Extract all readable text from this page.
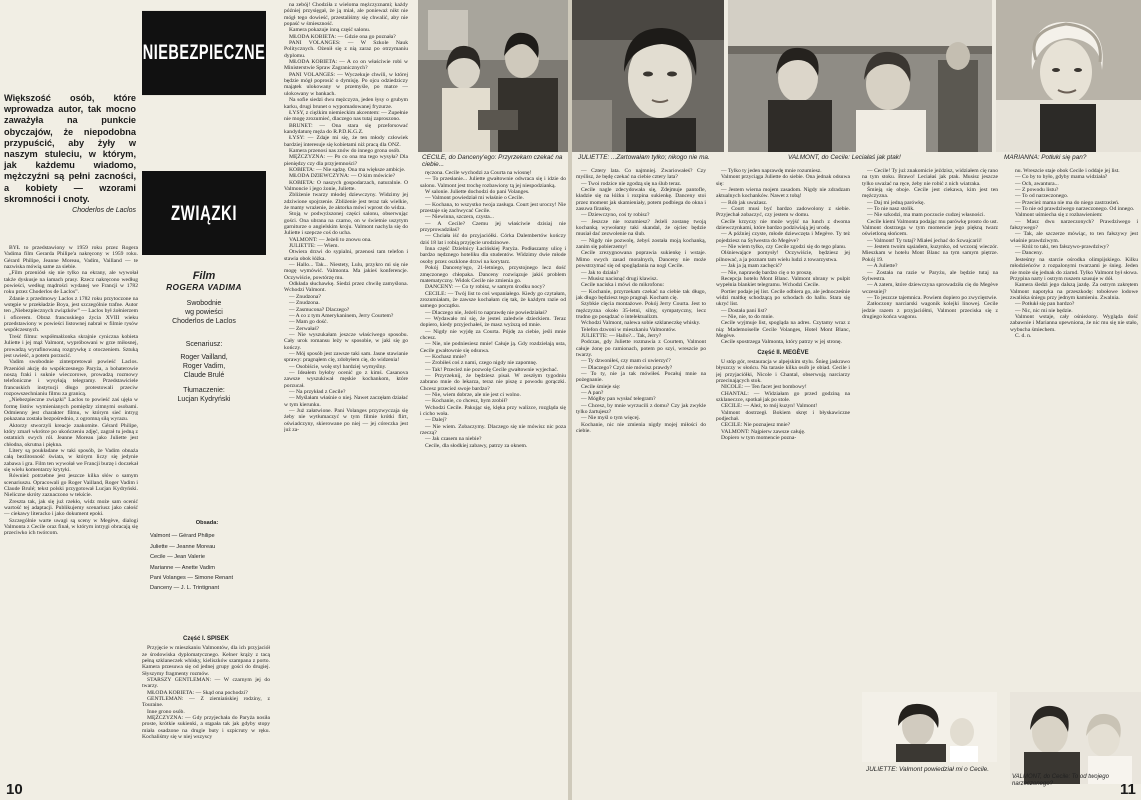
Większość osób, które wprowadza autor, tak mocno zaważyła na punkcie obyczajów, że niepodobna przypuścić, aby żyły w naszym stuleciu, w którym, jak każdemu wiadomo, mężczyźni są pełni zacności, a kobiety — wzorami skromności i cnoty.
Choderlos de Laclos

BYŁ to przedstawiony w 1959 roku przez Rogera Vadima film Gerarda Philipe'a nakręcony w 1959 roku. Gérard Philipe, Jeanne Moreau, Vadim, Vailland — te nazwiska mówią same za siebie.

„Film przeniósł się nie tylko na ekrany, ale wywołał także dyskusje na łamach prasy. Rzecz nakręcono według powieści, według mądrości wydanej we Francji w 1782 roku przez Choderlos de Laclos”.

Zdanie z przedmowy Laclos z 1782 roku przytoczone na wstępie w przekładzie Boya, jest szczególnie trafne. Autor ten „Niebezpiecznych związków” — Laclos był żołnierzem i oficerem. Obraz francuskiego życia XVIII wieku przedstawiony w powieści listownej nabrał w filmie rysów współczesnych.

Treść filmu: współmałżonka skrajnie cyniczna kobieta Juliette i jej mąż Valmont, wypróbowani w grze miłosnej, prowadzą wyrafinowaną rozgrywkę z otoczeniem. Sztuką jest uwieść, a potem porzucić.

Vadim swobodnie zinterpretował powieść Laclos. Przeniósł akcję do współczesnego Paryża, a bohaterowie noszą fraki i suknie wieczorowe, prowadzą rozmowy telefoniczne i wysyłają telegramy. Przedstawiciele francuskich instytucji długo protestowali przeciw rozpowszechnianiu filmu za granicą.

„Niebezpieczne związki” Laclos to powieść zaś ujęła w formę listów wymienianych pomiędzy zimnymi osobami. Odmienny jest charakter filmu, w którym sieć intryg pokazana została bezpośrednio, z ogromną siłą wyrazu.

Aktorzy stworzyli kreacje znakomite. Gérard Philipe, który zmarł wkrótce po ukończeniu zdjęć, zagrał tu jedną z ostatnich swych ról. Jeanne Moreau jako Juliette jest chłodna, okrutna i piękna.

Litery są poukładane w taki sposób, że Vadim obnaża całą bezlitosność świata, w którym liczy się jedynie zabawa i gra. Film ten wywołał we Francji burzę i doczekał się wielu komentarzy krytyki.

Również potrzebne jest jeszcze kilka słów o samym scenariuszu. Opracowali go Roger Vailland, Roger Vadim i Claude Brulé; tekst polski przygotował Lucjan Kydryński. Nieliczne skróty zaznaczono w tekście.

Zreszta tak, jak się już rzekło, widz może sam ocenić wartość tej adaptacji. Publikujemy scenariusz jako całość — ciekawy literacko i jako dokument epoki.

Szczególnie warte uwagi są sceny w Megève, dialogi Valmonta z Cecile oraz finał, w którym intrygi obracają się przeciwko ich twórcom.

NIEBEZPIECZNE
ZWIĄZKI
Film
ROGERA VADIMA
Swobodnie
wg powieści
Choderlos de Laclos
Scenariusz:
Roger Vailland,
Roger Vadim,
Claude Brulé
Tłumaczenie:
Lucjan Kydryński
Obsada:
Valmont — Gérard Philipe
Juliette — Jeanne Moreau
Cecile — Jean Valerie
Marianne — Anette Vadim
Pani Volanges — Simone Renant
Danceny — J. L. Trintignant
Część I. SPISEK

Przyjęcie w mieszkaniu Valmontów, dla ich przyjaciół ze środowiska dyplomatycznego. Kelner krąży z tacą pełną szklaneczek whisky, kieliszków szampana z porto. Kamera przesuwa się od jednej grupy gości do drugiej. Słyszymy fragmenty rozmów.

STARSZY GENTLEMAN: — W czarnym jej do twarzy.

MŁODA KOBIETA: — Skąd ona pochodzi?

GENTLEMAN: — Z ziemiańskiej rodziny, z Touraine.

Inne grono osób.

MĘŻCZYZNA: — Gdy przyjechała do Paryża nosiła proste, krótkie sukienki, a stąpała tak jak gdyby stopy miała osadzone na drugie buty i szpicruty w ręku. Kochaliśmy się w niej wszyscy

na zebój! Chodziła z wieloma mężczyznami; każdy później przysięgał, że ją miał, ale ponieważ nikt nie mógł tego dowieść, przestaliśmy się chwalić, aby nie popaść w śmieszność.

Kamera pokazuje inną część salonu.

MŁODA KOBIETA: — Gdzie ona go poznała?

PANI VOLANGES: — W Szkole Nauk Politycznych. Ożenił się z nią zaraz po otrzymaniu dyplomu.

MŁODA KOBIETA: — A co on właściwie robi w Ministerstwie Spraw Zagranicznych?

PANI VOLANGES: — Wyczekuje chwili, w której będzie mógł poprosić o dymisję. Po ojcu odziedziczy majątek ulokowany w przemyśle, po matce — ulokowany w bankach.

Na sofie siedzi dwu mężczyzn, jeden łysy o grubym karku, drugi brunet o wypomadowanej fryzurze.

ŁYSY, z ciężkim niemieckim akcentem: — Zupełnie nie mogę zrozumieć, dlaczego nas tutaj zaproszono.

BRUNET: — Ona stara się przeforsować kandydaturę męża do R.P.D.K.G.Z.

ŁYSY: — Zdaje mi się, że ten młody człowiek bardziej interesuje się kobietami niż pracą dla ONZ.

Kamera przenosi nas znów do innego grona osób.

MĘŻCZYZNA: — Po co ona ma tego wysyła? Dla pieniędzy czy dla przyjemności?

KOBIETA: — Nie sądzę. Ona ma większe ambicje.

MŁODA DZIEWCZYNA: — O kim mówicie?

KOBIETA: O naszych gospodarzach, naturalnie. O Valmoncie i jego żonie, Juliette.

Zbliżenie twarzy młodej dziewczyny. Widzimy jej zdziwione spojrzenie. Zbliżenie jest teraz tak wielkie, że mamy wrażenie, że aktorka mówi wprost do widza.

Stoją w podwyższonej części salonu, obserwując gości. Ona ubrana na czarno, on w świetnie uszytym garniturze o angielskim kroju. Valmont nachyla się do Juliette i szepcze coś do ucha.

VALMONT: — Jeżeli to znowu ona.

JULIETTE: — Wiem.

Otwiera drzwi do sypialni, przenosi tam telefon i stawia obok łóżka.

— Hallo... Tak... Niestety, Lulu, przykro mi się nie mogę wymówić. Valmonta. Ma jakieś konferencje. Oczywiście, powtórzę mu.

Odkłada słuchawkę. Siedzi przez chwilę zamyślona. Wchodzi Valmont.

— Znudzona?

— Znudzona.

— Zasmucona? Dlaczego?

— A co z tym Amerykaninem, Jerry Courtem?

— Mam go dość.

— Zerwałaś?

— Nie wyszukałam jeszcze właściwego sposobu. Cały urok romansu leży w sposobie, w jaki się go kończy.

— Mój sposób jest zawsze taki sam. Jasne stawianie sprawy: pragnąłem cię, zdobyłem cię, do widzenia!

— Osobiście, wolę styl bardziej wymyślny.

— Ideałem byłoby ocenić go z kimś. Casanova zawsze wyszukiwał męskie kochankom, które porzucał.

— Na przykład z Cecile?

— Myślałam właśnie o niej. Nawet zaczęłam działać w tym kierunku.

— Już załatwione. Pani Volanges przyzwyczaja się żeby nie wytłumaczyć w tym filmie krótki flirt, oświadczyny, skierowane po niej — jej córeczka jest już za-

ręczona. Cecile wychodzi za Courta na wiosnę!

— To przesłanie... Juliette gwałtownie odwraca się i idzie do salonu. Valmont jest trochę rozbawiony tą jej niespodzianką.

W salonie. Juliette dochodzi do pani Volanges.

— Valmont powiedział mi właśnie o Cecile.

— Kochana, to wszystko twoja zasługa. Court jest uroczy! Nie przestaje się zachwycać Cecile.

— Niewinna, szczera, czysta...

— A Cecile? Czemu jej właściwie dzisiaj nie przyprowadziłaś?

— Chciała iść do przyjaciółki. Córka Dalembertów kończy dziś 18 lat i robią przyjęcie urodzinowe.

Inna część Dzielnicy Łacińskiej Paryża. Podłaszamy ulicę i bardzo nędznego hoteliku dla studentów. Widzimy dwie młode osoby przez oszklone drzwi na korytarz.

Pokój Danceny'ego, 21-letniego, przystojnego lecz dość zmęczonego chłopaka. Danceny rozwiązuje jakiś problem matematyczny. Widok Cecile nie zmienia go.

DANCENY: — Co ty robisz, w samym środku nocy?

CECILE: — Twój list to coś wspaniałego. Kiedy go czytałam, zrozumiałam, że zawsze kochałam cię tak, że każdym razie od samego początku.

— Dlaczego nie, Jeżeli to naprawdę nie powiedziałaś?

— Wydawało mi się, że jesteś zaledwie dzieckiem. Teraz dopiero, kiedy przyjechałeś, że masz wyższą od mnie.

— Nigdy nie wyjdę za Courta. Pójdę za ciebie, jeśli mnie chcesz.

— Nie, nie podniesiesz mnie! Całuje ją. Gdy rozdzielają usta, Cecile gwałtownie się odsuwa.

— Kochasz mnie?

— Zrobiłeś coś z nami, czego nigdy nie zapomnę.

— Tak! Przecież nie pozwolę Cecile gwałtownie wyjechać.

— Przyrzeknij, że będziesz pisał. W zeszłym tygodniu zabrano mnie do lekarza, teraz nie piszę z powodu gorączki. Chcesz przecież swoje bardzo?

— Nie, wiem dobrze, ale nie jest ci wolno.

— Kochanie, co chcesz, bym zrobił?

Wchodzi Cecile. Pakując się, klęka przy walizce, rozgląda się i cicho woła.

— Dalej?

— Nie wiem. Zobaczymy. Dlaczego się nie mówisz nic poza rzeczą?

— Jak czasem na niebie?

Cecile, dla słodkiej zabawy, patrzy za oknem.

CECILE, do Danceny'ego: Przyrzekam czekać na ciebie...
10
JULIETTE: ...Zartowałam tylko; nikogo nie ma.	VALMONT, do Cecile: Leciałaś jak ptak!	MARIANNA: Potłuki się pan?

— Cztery lata. Co najmniej. Zwariowałeś? Czy myślisz, że będę czekać na ciebie cztery lata?

— Twoi rodzice nie zgodzą się na ślub teraz.

Cecile nagle zdecydowała się, Zdejmuje pantofle, kładzie się na łóżku i rozpina sukienkę. Danceny stoi przez moment jak skamieniały, potem podbiega do okna i zasuwa firankę.

— Dziewczyno, coś ty robisz?

— Jeszcze nie rozumiesz? Jeżeli zostanę twoją kochanką wywołamy taki skandal, że ojciec będzie musiał dać zezwolenie na ślub.

— Nigdy nie pozwolę, żebyś została moją kochanką, zanim się pobierzemy!

Cecile zrezygnowana poprawia sukienkę i wstaje. Mimo swych zasad moralnych, Danceny nie może powstrzymać się od spoglądania na nogi Cecile.

— Jak to działa?

— Musisz nacisnąć drugi klawisz.

Cecile naciska i mówi do mikrofonu:

— Kochanie, przyrzekam czekać na ciebie tak długo, jak długo będziesz tego pragnął. Kocham cię.

Szybkie cięcia montażowe. Pokój Jerry Courta. Jest to mężczyzna około 35-letni, silny, sympatyczny, lecz trudno go posądzać o intelektualizm.

Wchodzi Valmont, nalewa sobie szklaneczkę whisky.

Telefon dzwoni w mieszkaniu Valmontów.

JULIETTE: — Hallo?... Tak, Jerry?

Podczas, gdy Juliette rozmawia z Courtem, Valmont całuje żonę po ramionach, potem po szyi, wreszcie po twarzy.

— Ty dzwoniłeś, czy mam ci uwierzyć?

— Dlaczego? Czyż nie mówisz prawdy?

— To ty, nie ja tak mówiłeś. Pocałuj mnie na pożegnanie.

Cecile śmieje się:

— A pan?

— Mógłby pan wysłać telegram?

— Chcesz, by mnie wyrzucili z domu? Czy jak zwykle tylko żartujesz?

— Nie myśl o tym więcej.

Kochanie, nic nie zmienia nigdy mojej miłości do ciebie.

— Tylko ty jeden naprawdę mnie rozumiesz.

Valmont przyciąga Juliette do siebie. Ona jednak odsuwa się:

— Jestem wierna mojem zasadom. Nigdy nie zdradzam aktualnych kochanków. Nawet z tobą!

— Rób jak uważasz.

— Court musi być bardzo zadowolony z siebie. Przyjechał zobaczyć, czy jestem w domu.

Cecile krzyczy nie może wyjść na lunch z dwoma dziewczynkami, które bardzo podziwiają jej urodę.

— A później czyste, młode dziewczęta i Megève. Ty też pojedziesz na Sylwestra do Megève?

— Nie wiem tylko, czy Cecile zgodzi się do tego planu.

Olśniewające pomysły! Oczywiście, będziesz jej pilnować, a ja poznam tam wielu ludzi z towarzystwa.

— Jak ja ją mam zachęcić?

— Nie, naprawdę bardzo cię o to proszę.

Recepcja hotelu Mont Blanc. Valmont ubrany w pulpit wypełnia blankiet telegramu. Wchodzi Cecile.

Portier podaje jej list. Cecile odbiera go, ale jednocześnie widzi maltkę schodzącą po schodach do hallu. Stara się ukryć list.

— Dostała pani list?

— Nie, nie, to do mnie.

Cecile wyjmuje list, spogląda na adres. Czytamy wraz z nią: Mademoiselle Cecile Volanges, Hotel Mont Blanc, Megève.

Cecile spostrzega Valmonta, który patrzy w jej stronę.

Część II. MEGÈVE

U stóp gór, restauracja w alpejskim stylu. Śnieg jaskrawo błyszczy w słońcu. Na tarasie kilka osób je obiad. Cecile i jej przyjaciółki, Nicole i Chantal, obserwują narciarzy przecinających stok.

NICOLE: — Ten facet jest bombowy!

CHANTAL: — Widziałam go przed godziną na szklaneczce, spotkał jak po stole.

CECILE: — Ależ, to mój kuzyn! Valmont!

Valmont dostrzegł. Bokiem skręt i błyskawiczne podjechał.

CECILE: Nie poznajesz mnie?

VALMONT: Najpierw zawsze całuję.

Dopiero w tym momencie pozna-

— Cecile! Ty już znakomicie jeździsz, widziałem cię rano na tym stoku. Brawo! Leciałaś jak ptak. Musisz jeszcze tylko uważać na ręce, żeby nie robić z nich wiatraka.

Śmieją się oboje. Cecile jest ciekawa, kim jest ten mężczyzna.

— Daj mi jedną parówkę.

— To nie nasz stolik.

— Nie szkodzi, ma mam poczucie cudzej własności.

Cecile kiemi Valmonta podając mu parówkę prosto do ust. Valmont dostrzega w tym momencie jego piękną twarz oświetloną słońcem.

— Valmont! Ty tutaj? Miałeś jechać do Szwajcarii!

— Jestem twoim sąsiadem, kuzynko, od wczoraj wieczór. Mieszkam w hotelu Mont Blanc na tym samym piętrze. Pokój 19.

— A Juliette?

— Została na razie w Paryżu, ale będzie tutaj na Sylwestra.

— A zatem, które dziewczyna sprowadziła cię do Megève wczesniej?

— To jeszcze tajemnica. Powiem dopiero po zwycięstwie.

Zatłoczony narciarski wagonik kolejki linowej. Cecile jedzie razem z przyjaciółmi, Valmont przeciska się z drugiego końca wagonu.

nu. Wreszcie staje obok Cecile i oddaje jej list.

— Co by to było, gdyby mama widziała?

— Och, awantura...

— Z powodu listu?

— To od narzeczonego.

— Przecież mama nie ma do niego zastrzeżeń.

— To nie od prawdziwego narzeczonego. Od innego.

Valmont uśmiecha się z rozbawieniem:

— Masz dwu narzeczonych? Prawdziwego i fałszywego?

— Tak, ale szczerze mówiąc, to ten fałszywy jest właśnie prawdziwym.

— Któż to taki, ten fałszywo-prawdziwy?

— Danceny.

Jesteśmy na starcie ośrodka olimpijskiego. Kilku młodzieńców z rozpalonymi twarzami je śnieg. Jeden nie może się jednak do ziarnd. Tylko Valmont był słowa. Przypina narty i ostrym ruszem szusuje w dół.

Kamera śledzi jego dalszą jazdę. Za ostrym zakrętem Valmont napotyka na przeszkodę: tobołowe lodowe zwaliska śniegu przy jednym kamieniu. Zwalnia.

— Potłukł się pan bardzo?

— Nic, nic mi nie będzie.

Valmont wstaje, cały ośnieżony. Wygląda dość zabawnie i Marianna upewniona, że nic mu się nie stało, wybucha śmiechem.

C. d. n.

JULIETTE: Valmont powiedział mi o Cecile.
VALMONT, do Cecile: To od twojego narzeczonego?	11
